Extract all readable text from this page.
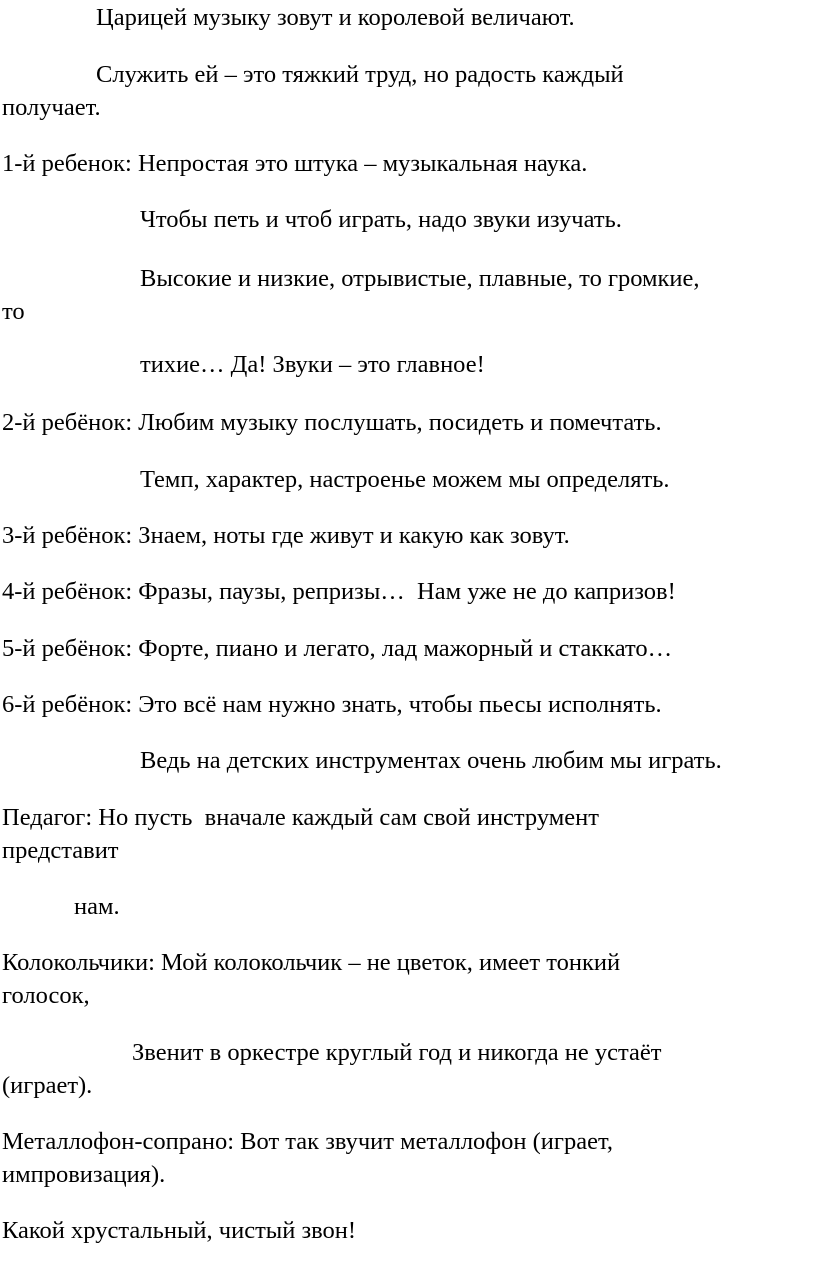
Царицей музыку зовут и королевой величают.

Служить ей – это тяжкий труд, но радость каждый

получает.

1-й ребенок: Непростая это штука – музыкальная наука.

Чтобы петь и чтоб играть, надо звуки изучать.

Высокие и низкие, отрывистые, плавные, то громкие,

то

тихие… Да! Звуки – это главное!

2-й ребёнок: Любим музыку послушать, посидеть и помечтать.

Темп, характер, настроенье можем мы определять.

3-й ребёнок: Знаем, ноты где живут и какую как зовут.

4-й ребёнок: Фразы, паузы, репризы…  Нам уже не до капризов!

5-й ребёнок: Форте, пиано и легато, лад мажорный и стаккато…

6-й ребёнок: Это всё нам нужно знать, чтобы пьесы исполнять.

Ведь на детских инструментах очень любим мы играть.

Педагог: Но пусть  вначале каждый сам свой инструмент

представит

нам.

Колокольчики: Мой колокольчик – не цветок, имеет тонкий

голосок,

Звенит в оркестре круглый год и никогда не устаёт

(играет).

Металлофон-сопрано: Вот так звучит металлофон (играет,

импровизация).

Какой хрустальный, чистый звон!
